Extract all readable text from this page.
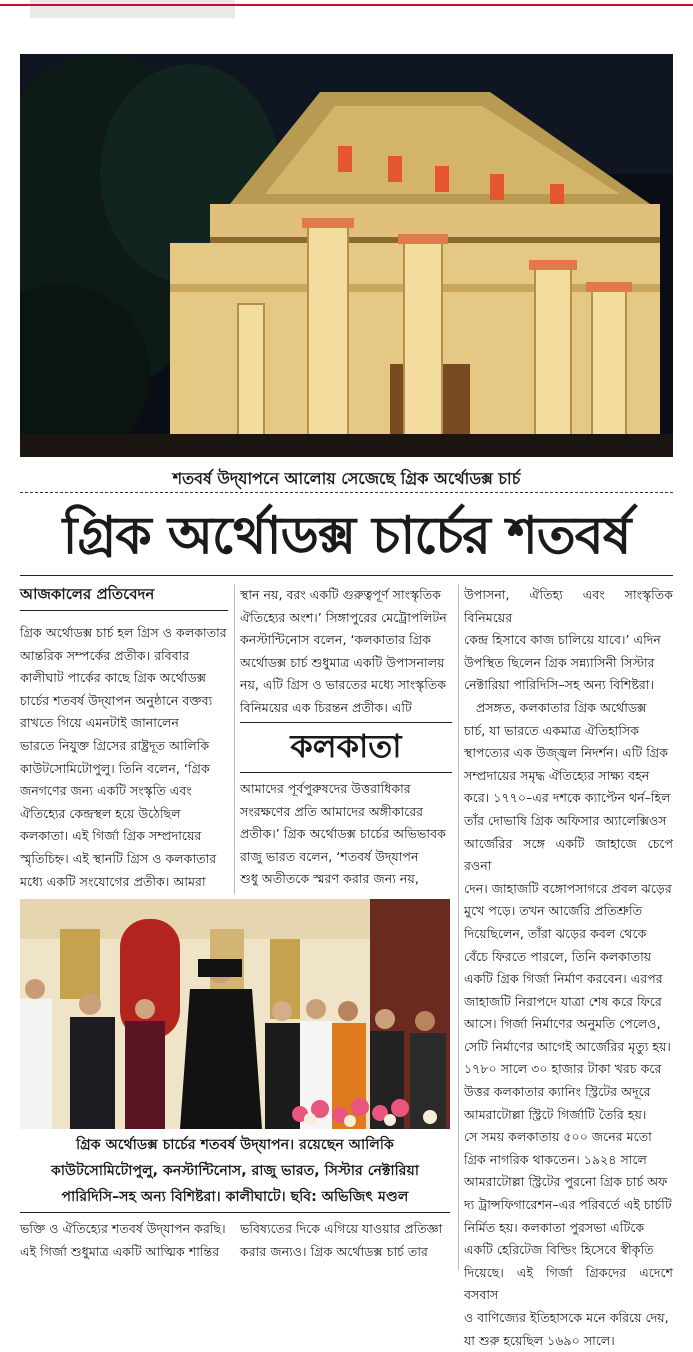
শতবর্ষ উদ্‌যাপনে আলোয় সেজেছে গ্রিক অর্থোডক্স চার্চ
গ্রিক অর্থোডক্স চার্চের শতবর্ষ
আজকালের প্রতিবেদন
গ্রিক অর্থোডক্স চার্চ হল গ্রিস ও কলকাতার
আন্তরিক সম্পর্কের প্রতীক। রবিবার
কালীঘাট পার্কের কাছে গ্রিক অর্থোডক্স
চার্চের শতবর্ষ উদ্‌যাপন অনুষ্ঠানে বক্তব্য
রাখতে গিয়ে এমনটাই জানালেন
ভারতে নিযুক্ত গ্রিসের রাষ্ট্রদূত আলিকি
কাউটসোমিটোপুলু। তিনি বলেন, ‘গ্রিক
জনগণের জন্য একটি সংস্কৃতি এবং
ঐতিহ্যের কেন্দ্রস্থল হয়ে উঠেছিল
কলকাতা। এই গির্জা গ্রিক সম্প্রদায়ের
স্মৃতিচিহ্ন। এই স্থানটি গ্রিস ও কলকাতার
মধ্যে একটি সংযোগের প্রতীক। আমরা
স্থান নয়, বরং একটি গুরুত্বপূর্ণ সাংস্কৃতিক
ঐতিহ্যের অংশ।’ সিঙ্গাপুরের মেট্রোপলিটন
কনস্টান্টিনোস বলেন, ‘কলকাতার গ্রিক
অর্থোডক্স চার্চ শুধুমাত্র একটি উপাসনালয়
নয়, এটি গ্রিস ও ভারতের মধ্যে সাংস্কৃতিক
বিনিময়ের এক চিরন্তন প্রতীক। এটি
কলকাতা
আমাদের পূর্বপুরুষদের উত্তরাধিকার
সংরক্ষণের প্রতি আমাদের অঙ্গীকারের
প্রতীক।’ গ্রিক অর্থোডক্স চার্চের অভিভাবক
রাজু ভারত বলেন, ‘শতবর্ষ উদ্‌যাপন
শুধু অতীতকে স্মরণ করার জন্য নয়,
উপাসনা, ঐতিহ্য এবং সাংস্কৃতিক বিনিময়ের
কেন্দ্র হিসাবে কাজ চালিয়ে যাবে।’ এদিন
উপস্থিত ছিলেন গ্রিক সন্ন্যাসিনী সিস্টার
নেক্টারিয়া পারিদিসি–সহ অন্য বিশিষ্টরা।
প্রসঙ্গত, কলকাতার গ্রিক অর্থোডক্স
চার্চ, যা ভারতে একমাত্র ঐতিহাসিক
স্থাপত্যের এক উজ্জ্বল নিদর্শন। এটি গ্রিক
সম্প্রদায়ের সমৃদ্ধ ঐতিহ্যের সাক্ষ্য বহন
করে। ১৭৭০–এর দশকে ক্যাপ্টেন থর্ন–হিল
তাঁর দোভাষি গ্রিক অফিসার অ্যালেক্সিওস
আর্জেরির সঙ্গে একটি জাহাজে চেপে রওনা
দেন। জাহাজটি বঙ্গোপসাগরে প্রবল ঝড়ের
মুখে পড়ে। তখন আর্জেরি প্রতিশ্রুতি
দিয়েছিলেন, তাঁরা ঝড়ের কবল থেকে
বেঁচে ফিরতে পারলে, তিনি কলকাতায়
একটি গ্রিক গির্জা নির্মাণ করবেন। এরপর
জাহাজটি নিরাপদে যাত্রা শেষ করে ফিরে
আসে। গির্জা নির্মাণের অনুমতি পেলেও,
সেটি নির্মাণের আগেই আর্জেরির মৃত্যু হয়।
১৭৮০ সালে ৩০ হাজার টাকা খরচ করে
উত্তর কলকাতার ক্যানিং স্ট্রিটের অদূরে
আমরাটোল্লা স্ট্রিটে গির্জাটি তৈরি হয়।
সে সময় কলকাতায় ৫০০ জনের মতো
গ্রিক নাগরিক থাকতেন। ১৯২৪ সালে
আমরাটোল্লা স্ট্রিটের পুরনো গ্রিক চার্চ অফ
দ্য ট্রান্সফিগারেশন–এর পরিবর্তে এই চার্চটি
নির্মিত হয়। কলকাতা পুরসভা এটিকে
একটি হেরিটেজ বিল্ডিং হিসেবে স্বীকৃতি
দিয়েছে। এই গির্জা গ্রিকদের এদেশে বসবাস
ও বাণিজ্যের ইতিহাসকে মনে করিয়ে দেয়,
যা শুরু হয়েছিল ১৬৯০ সালে।
গ্রিক অর্থোডক্স চার্চের শতবর্ষ উদ্‌যাপন। রয়েছেন আলিকি
কাউটসোমিটোপুলু, কনস্টান্টিনোস, রাজু ভারত, সিস্টার নেক্টারিয়া
পারিদিসি–সহ অন্য বিশিষ্টরা। কালীঘাটে। ছবি: অভিজিৎ মণ্ডল
ভক্তি ও ঐতিহ্যের শতবর্ষ উদ্‌যাপন করছি।
এই গির্জা শুধুমাত্র একটি আত্মিক শান্তির
ভবিষ্যতের দিকে এগিয়ে যাওয়ার প্রতিজ্ঞা
করার জন্যও। গ্রিক অর্থোডক্স চার্চ তার
